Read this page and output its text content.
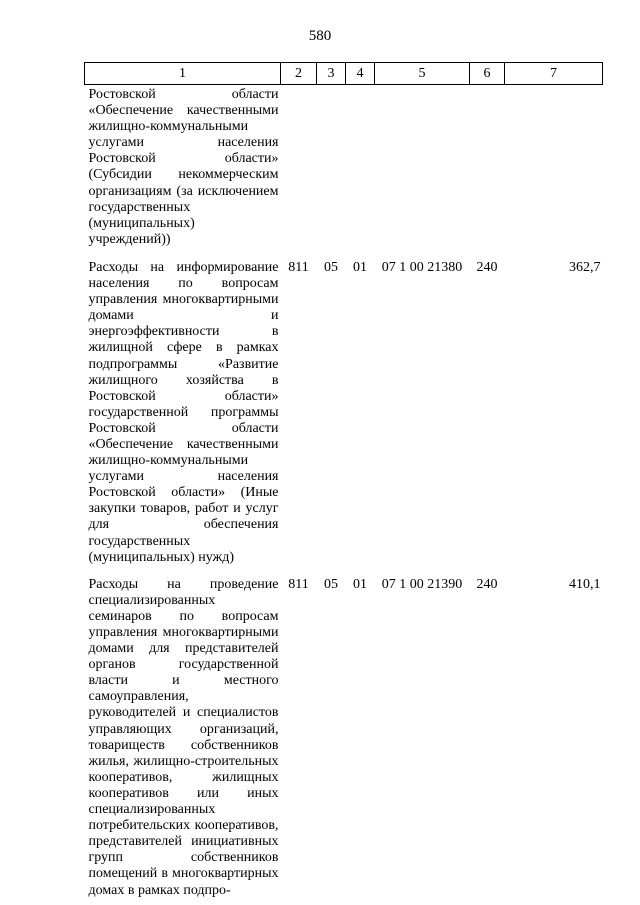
580
1	2	3	4	5	6	7
Ростовской области «Обеспечение качественными жилищно-коммунальными услугами населения Ростовской области» (Субсидии некоммерческим организациям (за исключением государственных (муниципальных) учреждений))						
Расходы на информирование населения по вопросам управления многоквартирными домами и энергоэффективности в жилищной сфере в рамках подпрограммы «Развитие жилищного хозяйства в Ростовской области» государственной программы Ростовской области «Обеспечение качественными жилищно-коммунальными услугами населения Ростовской области» (Иные закупки товаров, работ и услуг для обеспечения государственных (муниципальных) нужд)	811	05	01	07 1 00 21380	240	362,7
Расходы на проведение специализированных семинаров по вопросам управления многоквартирными домами для представителей органов государственной власти и местного самоуправления, руководителей и специалистов управляющих организаций, товариществ собственников жилья, жилищно-строительных кооперативов, жилищных кооперативов или иных специализированных потребительских кооперативов, представителей инициативных групп собственников помещений в многоквартирных домах в рамках подпро-	811	05	01	07 1 00 21390	240	410,1
